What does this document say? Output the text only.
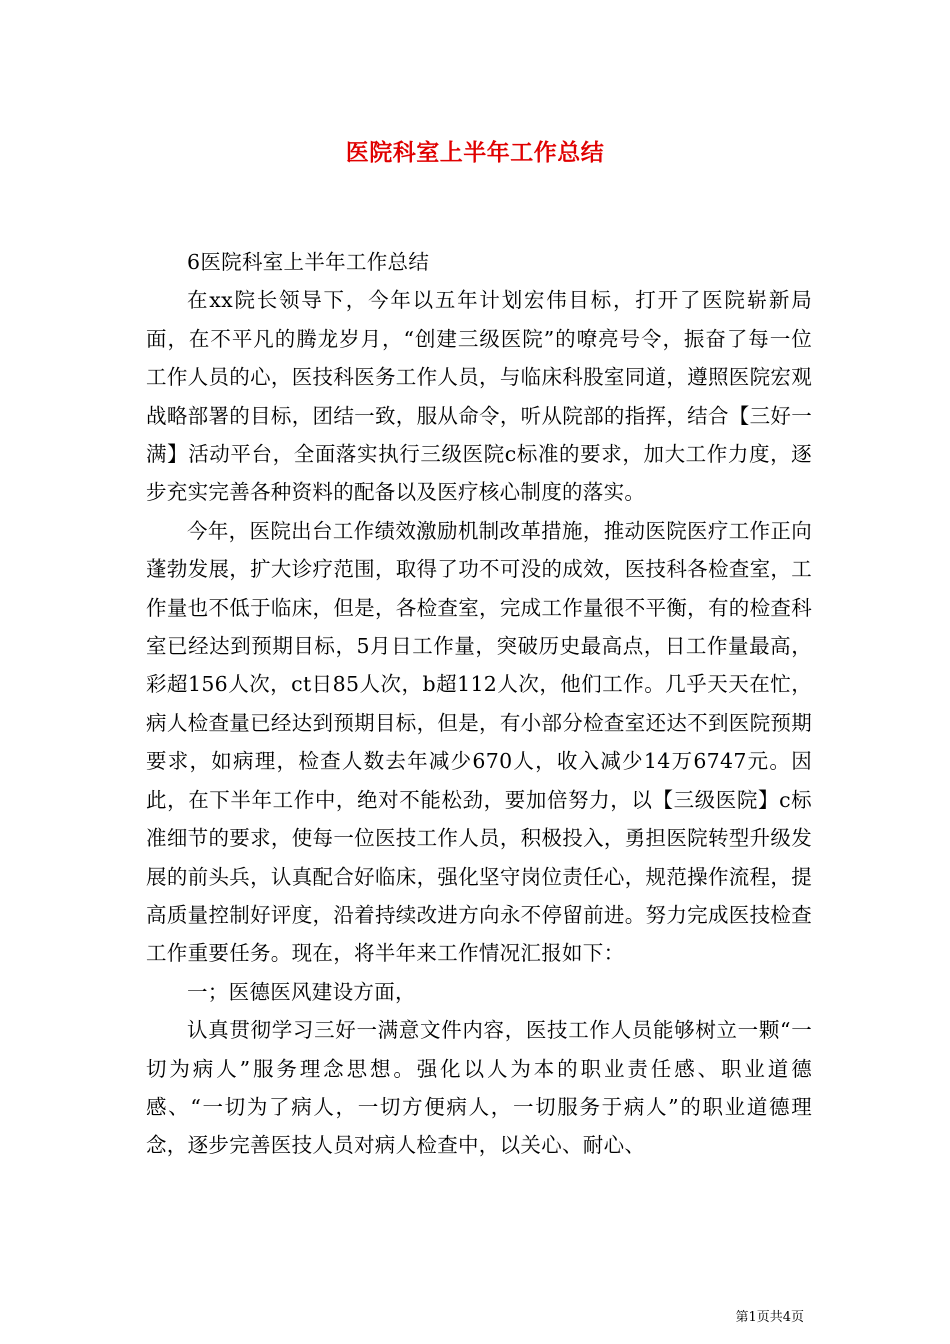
医院科室上半年工作总结

6医院科室上半年工作总结

在xx院长领导下，今年以五年计划宏伟目标，打开了医院崭新局面，在不平凡的腾龙岁月，“创建三级医院”的嘹亮号令，振奋了每一位工作人员的心，医技科医务工作人员，与临床科股室同道，遵照医院宏观战略部署的目标，团结一致，服从命令，听从院部的指挥，结合【三好一满】活动平台，全面落实执行三级医院c标准的要求，加大工作力度，逐步充实完善各种资料的配备以及医疗核心制度的落实。

今年，医院出台工作绩效激励机制改革措施，推动医院医疗工作正向蓬勃发展，扩大诊疗范围，取得了功不可没的成效，医技科各检查室，工作量也不低于临床，但是，各检查室，完成工作量很不平衡，有的检查科室已经达到预期目标，5月日工作量，突破历史最高点，日工作量最高，彩超156人次，ct日85人次，b超112人次，他们工作。几乎天天在忙，病人检查量已经达到预期目标，但是，有小部分检查室还达不到医院预期要求，如病理，检查人数去年减少670人，收入减少14万6747元。因此，在下半年工作中，绝对不能松劲，要加倍努力，以【三级医院】c标准细节的要求，使每一位医技工作人员，积极投入，勇担医院转型升级发展的前头兵，认真配合好临床，强化坚守岗位责任心，规范操作流程，提高质量控制好评度，沿着持续改进方向永不停留前进。努力完成医技检查工作重要任务。现在，将半年来工作情况汇报如下：

一；医德医风建设方面，

认真贯彻学习三好一满意文件内容，医技工作人员能够树立一颗“一切为病人”服务理念思想。强化以人为本的职业责任感、职业道德感、“一切为了病人，一切方便病人，一切服务于病人”的职业道德理念，逐步完善医技人员对病人检查中，以关心、耐心、

第1页共4页
